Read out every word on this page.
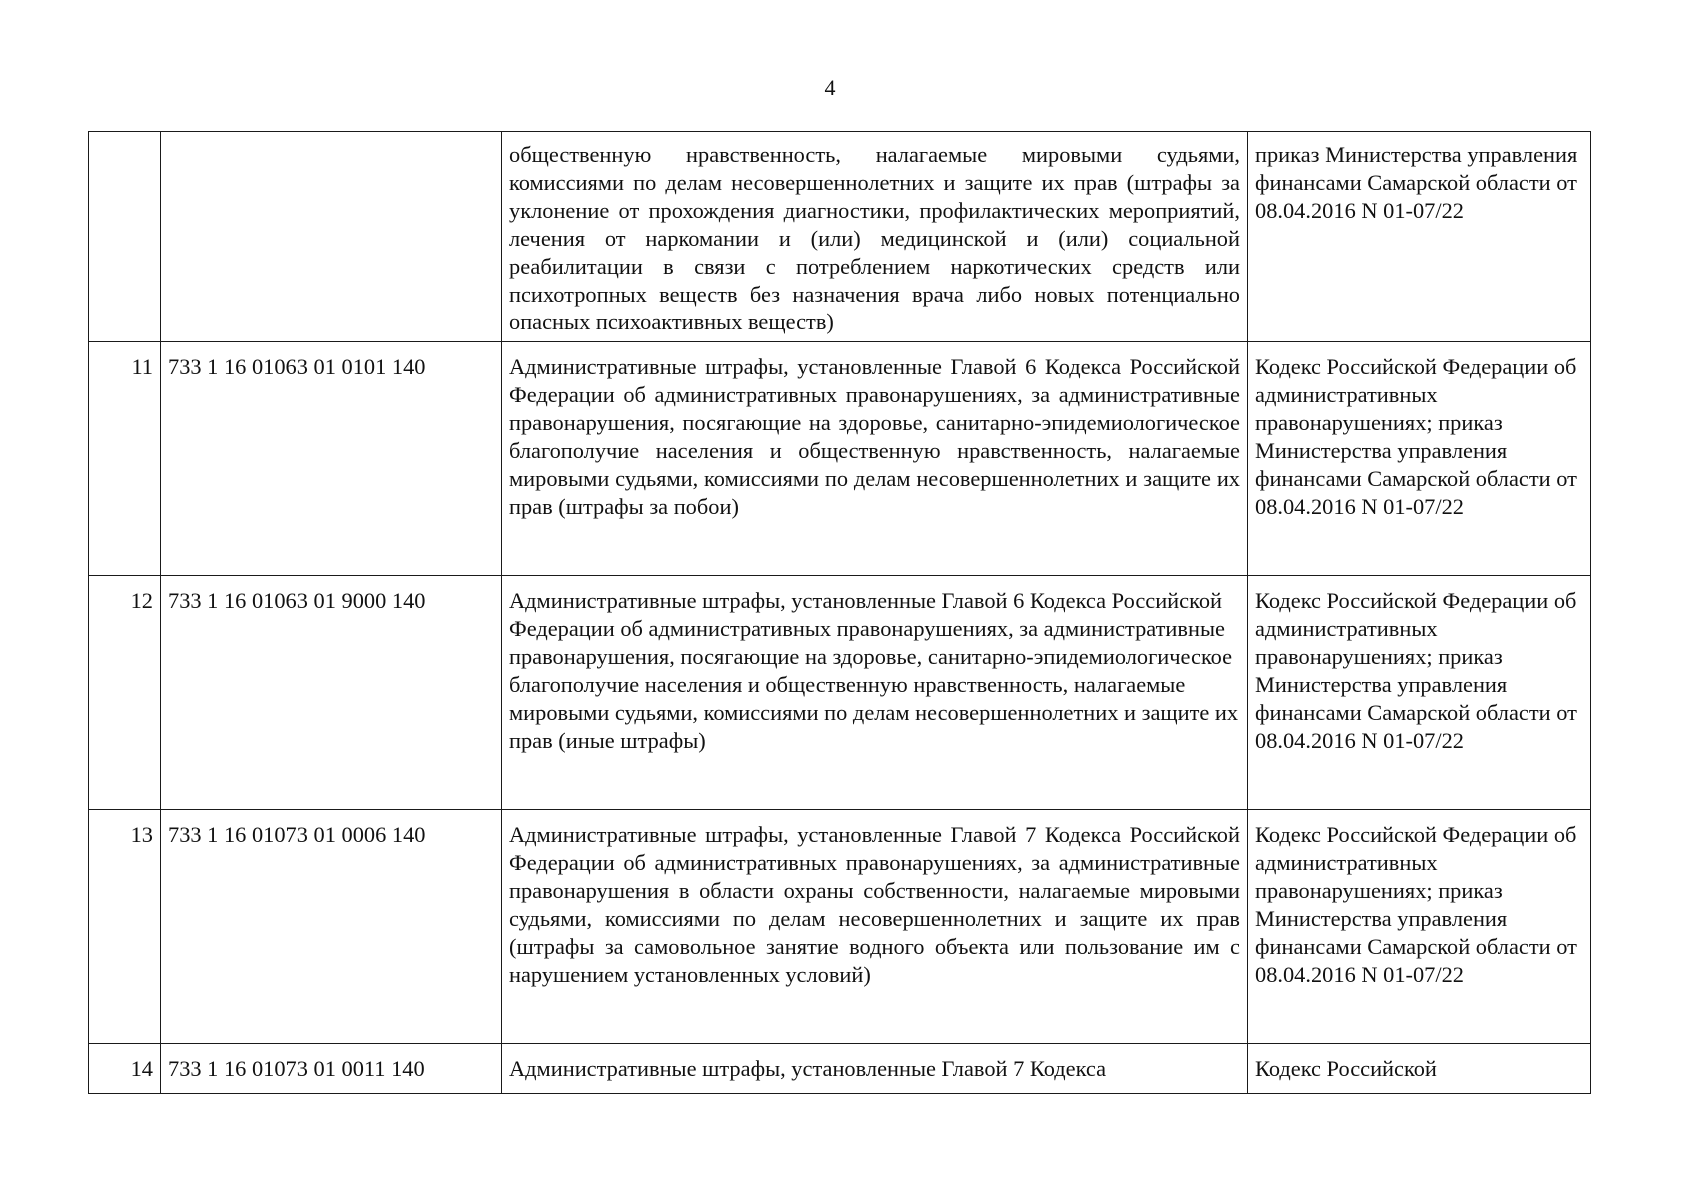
4
		общественную нравственность, налагаемые мировыми судьями, комиссиями по делам несовершеннолетних и защите их прав (штрафы за уклонение от прохождения диагностики, профилактических мероприятий, лечения от наркомании и (или) медицинской и (или) социальной реабилитации в связи с потреблением наркотических средств или психотропных веществ без назначения врача либо новых потенциально опасных психоактивных веществ)	приказ Министерства управления финансами Самарской области от 08.04.2016 N 01-07/22
11	733 1 16 01063 01 0101 140	Административные штрафы, установленные Главой 6 Кодекса Российской Федерации об административных правонарушениях, за административные правонарушения, посягающие на здоровье, санитарно-эпидемиологическое благополучие населения и общественную нравственность, налагаемые мировыми судьями, комиссиями по делам несовершеннолетних и защите их прав (штрафы за побои)	Кодекс Российской Федерации об административных правонарушениях; приказ Министерства управления финансами Самарской области от 08.04.2016 N 01-07/22
12	733 1 16 01063 01 9000 140	Административные штрафы, установленные Главой 6 Кодекса Российской Федерации об административных правонарушениях, за административные правонарушения, посягающие на здоровье, санитарно-эпидемиологическое благополучие населения и общественную нравственность, налагаемые мировыми судьями, комиссиями по делам несовершеннолетних и защите их прав (иные штрафы)	Кодекс Российской Федерации об административных правонарушениях; приказ Министерства управления финансами Самарской области от 08.04.2016 N 01-07/22
13	733 1 16 01073 01 0006 140	Административные штрафы, установленные Главой 7 Кодекса Российской Федерации об административных правонарушениях, за административные правонарушения в области охраны собственности, налагаемые мировыми судьями, комиссиями по делам несовершеннолетних и защите их прав (штрафы за самовольное занятие водного объекта или пользование им с нарушением установленных условий)	Кодекс Российской Федерации об административных правонарушениях; приказ Министерства управления финансами Самарской области от 08.04.2016 N 01-07/22
14	733 1 16 01073 01 0011 140	Административные штрафы, установленные Главой 7 Кодекса	Кодекс Российской
